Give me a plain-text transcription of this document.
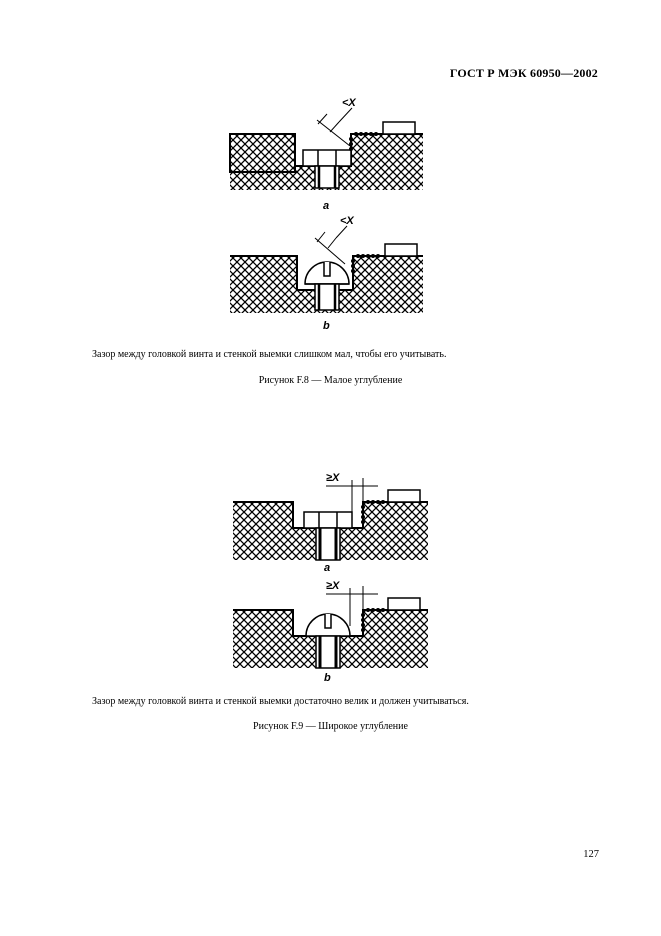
ГОСТ Р МЭК 60950—2002
<X
a
<X
b
Зазор между головкой винта и стенкой выемки слишком мал, чтобы его учитывать.
Рисунок F.8 — Малое углубление
≥X
a
≥X
b
Зазор между головкой винта и стенкой выемки достаточно велик и должен учитываться.
Рисунок F.9 — Широкое углубление
127
